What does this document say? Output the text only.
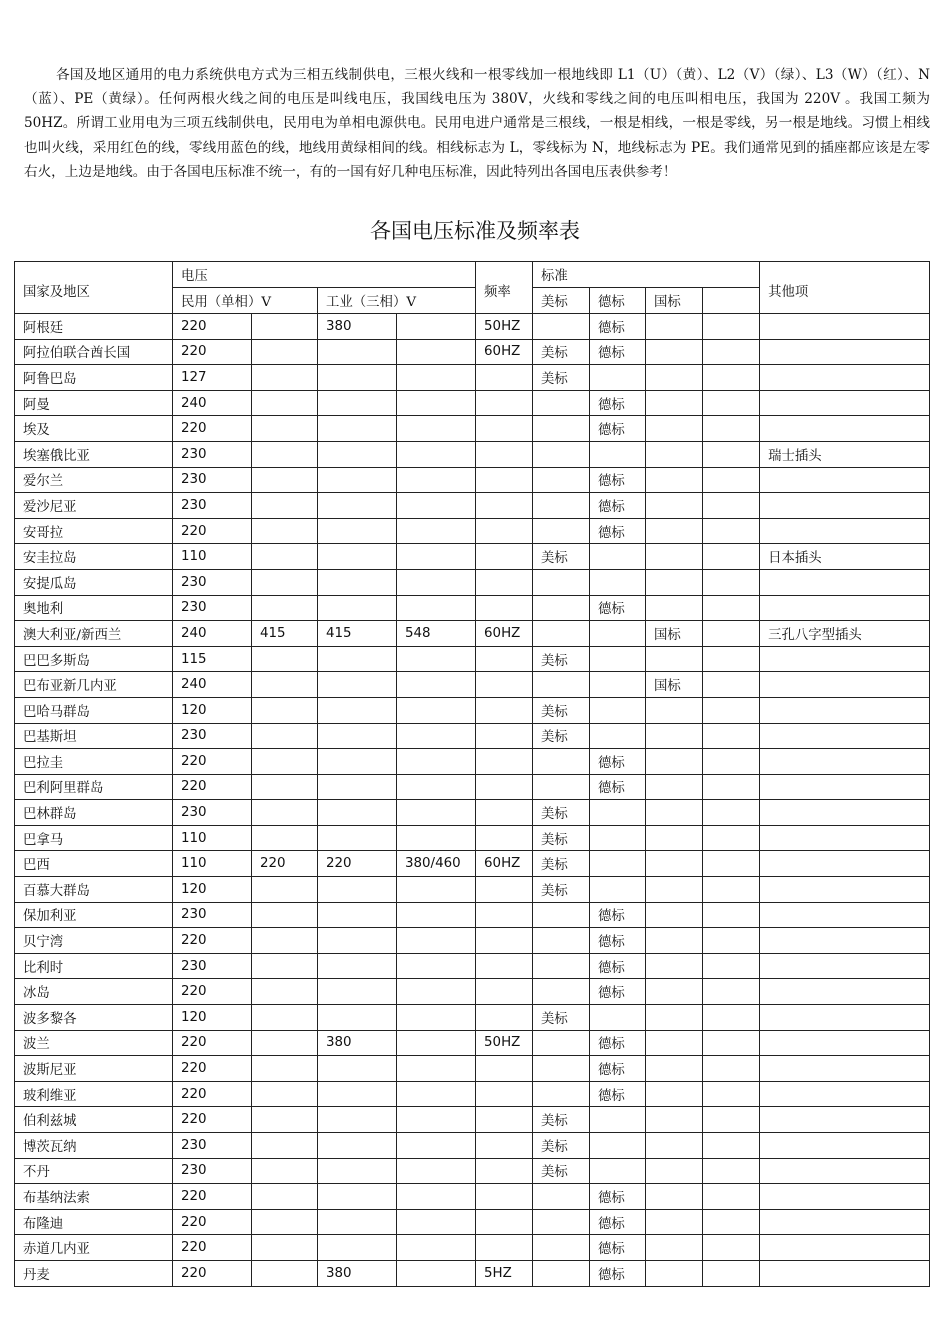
各国及地区通用的电力系统供电方式为三相五线制供电，三根火线和一根零线加一根地线即 L1（U）（黄）、L2（V）（绿）、L3（W）（红）、N（蓝）、PE（黄绿）。任何两根火线之间的电压是叫线电压，我国线电压为 380V，火线和零线之间的电压叫相电压，我国为 220V 。我国工频为 50HZ。所谓工业用电为三项五线制供电，民用电为单相电源供电。民用电进户通常是三根线，一根是相线，一根是零线，另一根是地线。习惯上相线也叫火线，采用红色的线，零线用蓝色的线，地线用黄绿相间的线。相线标志为 L，零线标为 N，地线标志为 PE。我们通常见到的插座都应该是左零右火，上边是地线。由于各国电压标准不统一，有的一国有好几种电压标准，因此特列出各国电压表供参考！

各国电压标准及频率表
国家及地区	电压				频率	标准				其他项
	民用（单相）V		工业（三相）V			美标	德标	国标		
阿根廷	220		380		50HZ		德标			
阿拉伯联合酋长国	220				60HZ	美标	德标			
阿鲁巴岛	127					美标				
阿曼	240						德标			
埃及	220						德标			
埃塞俄比亚	230									瑞士插头
爱尔兰	230						德标			
爱沙尼亚	230						德标			
安哥拉	220						德标			
安圭拉岛	110					美标				日本插头
安提瓜岛	230									
奥地利	230						德标			
澳大利亚/新西兰	240	415	415	548	60HZ			国标		三孔八字型插头
巴巴多斯岛	115					美标				
巴布亚新几内亚	240							国标		
巴哈马群岛	120					美标				
巴基斯坦	230					美标				
巴拉圭	220						德标			
巴利阿里群岛	220						德标			
巴林群岛	230					美标				
巴拿马	110					美标				
巴西	110	220	220	380/460	60HZ	美标				
百慕大群岛	120					美标				
保加利亚	230						德标			
贝宁湾	220						德标			
比利时	230						德标			
冰岛	220						德标			
波多黎各	120					美标				
波兰	220		380		50HZ		德标			
波斯尼亚	220						德标			
玻利维亚	220						德标			
伯利兹城	220					美标				
博茨瓦纳	230					美标				
不丹	230					美标				
布基纳法索	220						德标			
布隆迪	220						德标			
赤道几内亚	220						德标			
丹麦	220		380		5HZ		德标			
